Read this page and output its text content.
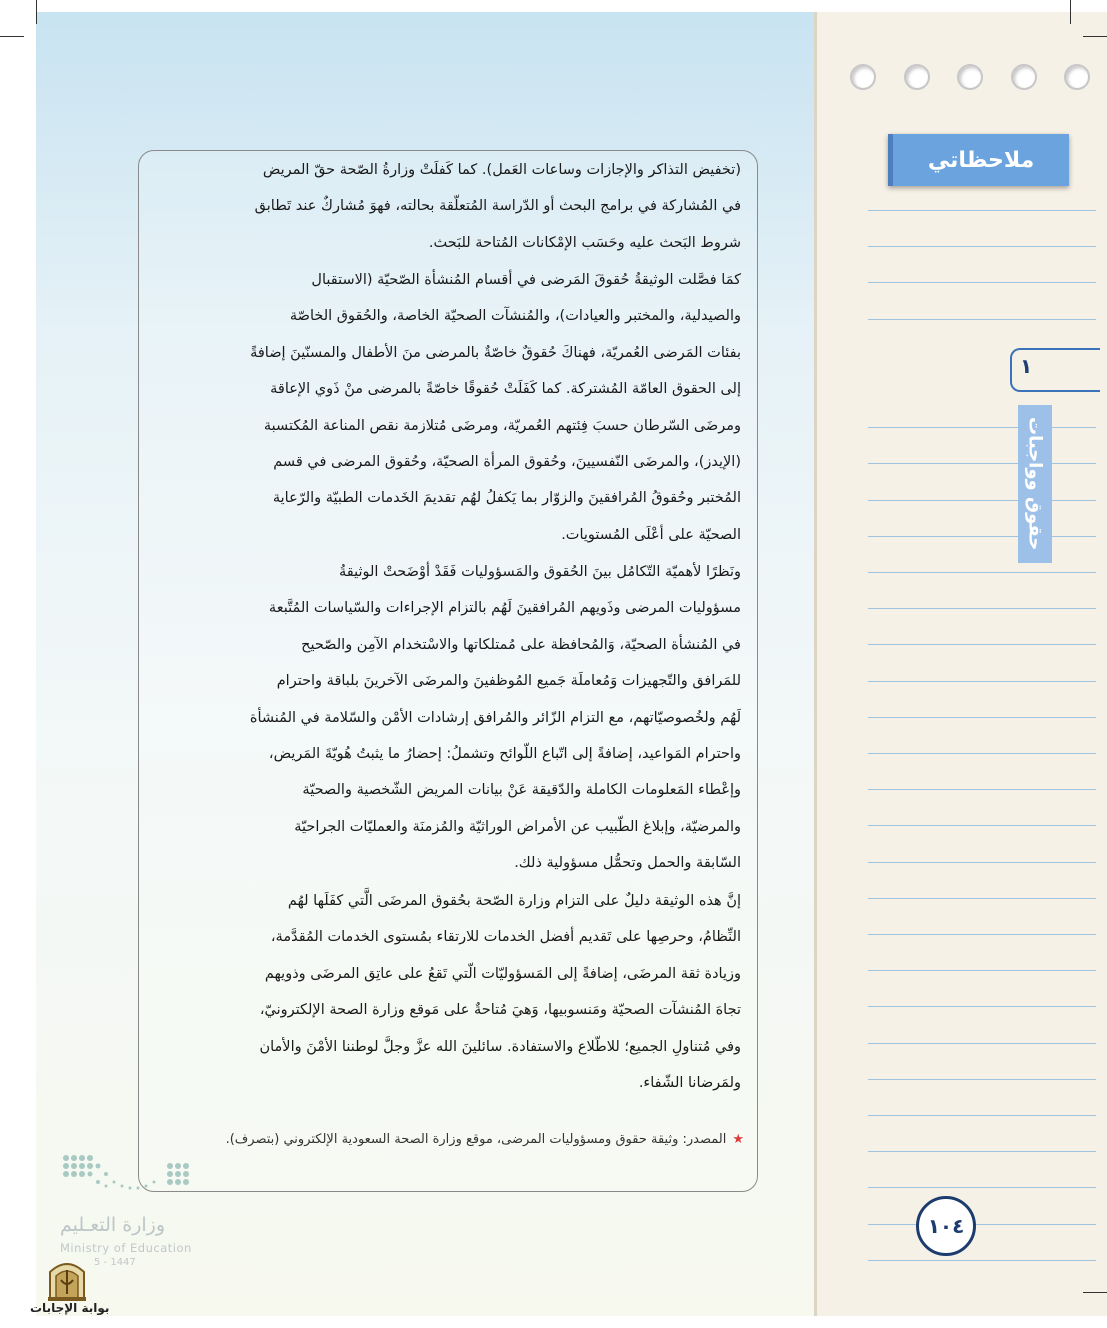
ملاحظاتي
١
حقوق وواجبات
١٠٤
(تخفيض التذاكر والإجازات وساعات العَمل). كما كَفلَتْ وزارةُ الصّحة حقّ المريض
في المُشاركة في برامج البحث أو الدّراسة المُتعلّقة بحالته، فهوَ مُشاركٌ عند تَطابق
شروط البَحث عليه وحَسَب الإمْكانات المُتاحة للبَحث.
كمَا فصَّلت الوثيقةُ حُقوقَ المَرضى في أقسام المُنشأة الصّحيّة (الاستقبال
والصيدلية، والمختبر والعيادات)، والمُنشآت الصحيّة الخاصة، والحُقوق الخاصّة
بفئات المَرضى العُمريّة، فهناكَ حُقوقٌ خاصّةٌ بالمرضى منَ الأطفال والمسنّينَ إضافةً
إلى الحقوق العامّة المُشتركة. كما كَفَلَتْ حُقوقًا خاصّةً بالمرضى منْ ذَوي الإعاقة
ومرضَى السّرطان حسبَ فِئتهم العُمريّة، ومرضَى مُتلازمة نقص المناعة المُكتسبة
(الإيدز)، والمرضَى النّفسيينَ، وحُقوق المرأة الصحيّة، وحُقوق المرضى في قسم
المُختبر وحُقوقُ المُرافقينَ والزوّار بما يَكفلُ لهُم تقديمَ الخَدمات الطبيّة والرّعاية
الصحيّة على أعْلَى المُستويات.
ونَظرًا لأهميّة التّكامُل بينَ الحُقوق والمَسؤوليات فَقَدْ أوْضَحتْ الوثيقةُ
مسؤوليات المرضى وذَويهم المُرافقينَ لَهُم بالتزام الإجراءات والسّياسات المُتَّبعة
في المُنشأة الصحيّة، وَالمُحافظة على مُمتلكاتها والاسْتخدام الآمِن والصّحيح
للمَرافق والتّجهيزات وَمُعاملَة جَميع المُوظفينَ والمرضَى الآخرينَ بلباقة واحترام
لَهُم ولخُصوصيّاتهم، مع التزام الزّائر والمُرافق إرشادات الأمْن والسّلامة في المُنشأة
واحترام المَواعيد، إضافةً إلى اتّباع اللّوائح وتشملُ: إحضارُ ما يثبتُ هُويّةَ المَريض،
وإعْطاء المَعلومات الكاملة والدّقيقة عَنْ بيانات المريض الشّخصية والصحيّة
والمرضيّة، وإبلاغ الطّبيب عن الأمراض الوراثيّة والمُزمنَة والعمليّات الجراحيّة
السّابقة والحمل وتحمُّل مسؤولية ذلك.
إنَّ هذه الوثيقة دليلٌ على التزام وزارة الصّحة بحُقوق المرضَى الَّتي كفَلَها لهُم
النِّظامُ، وحرصِها على تَقديم أفضل الخدمات للارتقاء بمُستوى الخدمات المُقدَّمة،
وزيادة ثقة المرضَى، إضافةً إلى المَسؤوليّات الّتي تَقعُ على عاتِق المرضَى وذويهم
تجاهَ المُنشآت الصحيّة ومَنسوبيها، وَهيَ مُتاحةٌ على مَوقع وزارة الصحة الإلكترونيّ،
وفي مُتناولِ الجميع؛ للاطّلاع والاستفادة. سائلينَ الله عزَّ وجلَّ لوطننا الأمْنَ والأمان
ولمَرضانا الشّفاء.
★المصدر: وثيقة حقوق ومسؤوليات المرضى، موقع وزارة الصحة السعودية الإلكتروني (بتصرف).
وزارة التعـليم
Ministry of Education
5 - 1447
بوابة الإجابات
